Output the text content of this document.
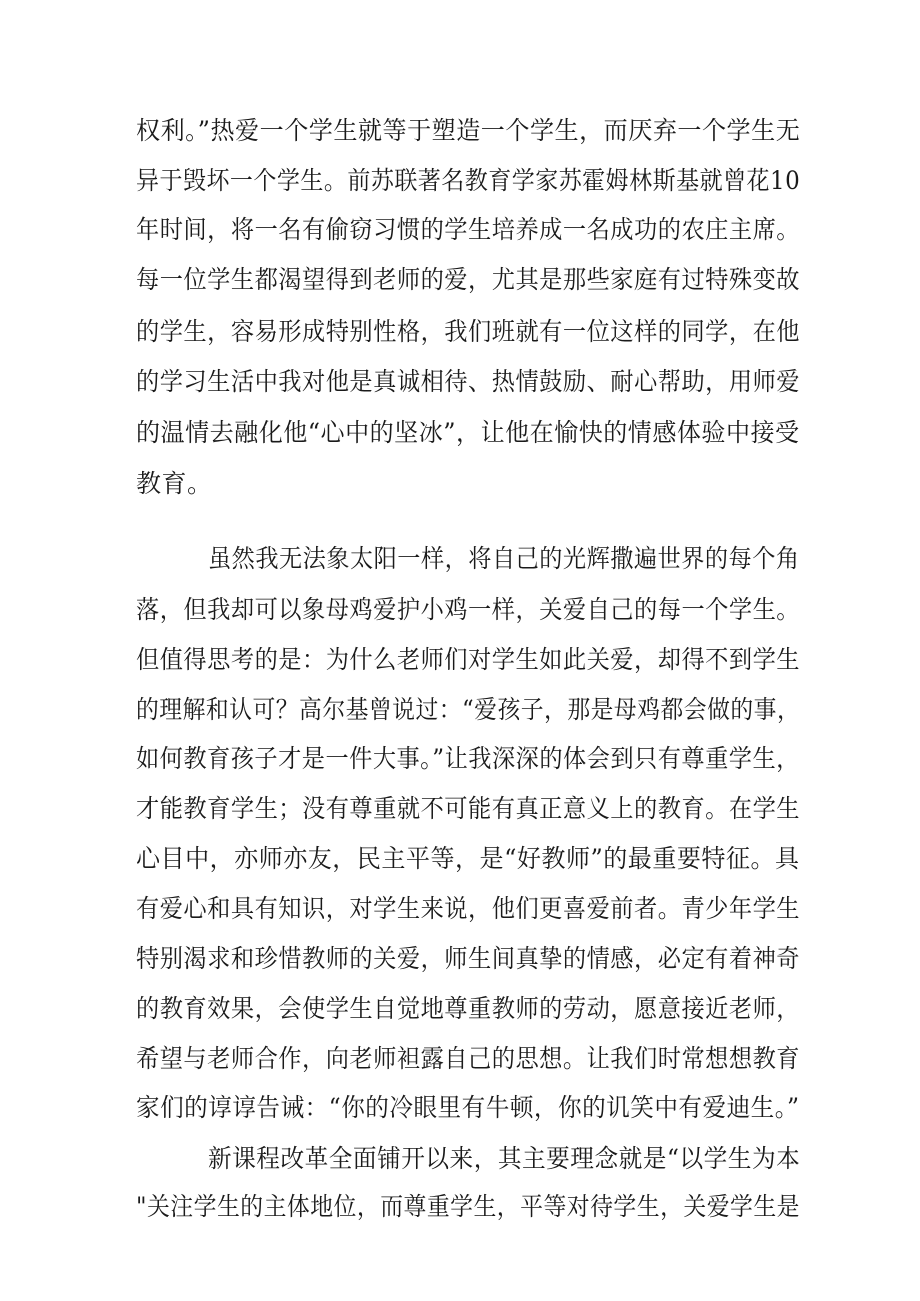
权利。”热爱一个学生就等于塑造一个学生，而厌弃一个学生无
异于毁坏一个学生。前苏联著名教育学家苏霍姆林斯基就曾花10
年时间，将一名有偷窃习惯的学生培养成一名成功的农庄主席。
每一位学生都渴望得到老师的爱，尤其是那些家庭有过特殊变故
的学生，容易形成特别性格，我们班就有一位这样的同学，在他
的学习生活中我对他是真诚相待、热情鼓励、耐心帮助，用师爱
的温情去融化他“心中的坚冰”，让他在愉快的情感体验中接受
教育。
虽然我无法象太阳一样，将自己的光辉撒遍世界的每个角
落，但我却可以象母鸡爱护小鸡一样，关爱自己的每一个学生。
但值得思考的是：为什么老师们对学生如此关爱，却得不到学生
的理解和认可？高尔基曾说过：“爱孩子，那是母鸡都会做的事，
如何教育孩子才是一件大事。”让我深深的体会到只有尊重学生，
才能教育学生；没有尊重就不可能有真正意义上的教育。在学生
心目中，亦师亦友，民主平等，是“好教师”的最重要特征。具
有爱心和具有知识，对学生来说，他们更喜爱前者。青少年学生
特别渴求和珍惜教师的关爱，师生间真挚的情感，必定有着神奇
的教育效果，会使学生自觉地尊重教师的劳动，愿意接近老师，
希望与老师合作，向老师袒露自己的思想。让我们时常想想教育
家们的谆谆告诫：“你的冷眼里有牛顿，你的讥笑中有爱迪生。”
新课程改革全面铺开以来，其主要理念就是“以学生为本
"关注学生的主体地位，而尊重学生，平等对待学生，关爱学生是
